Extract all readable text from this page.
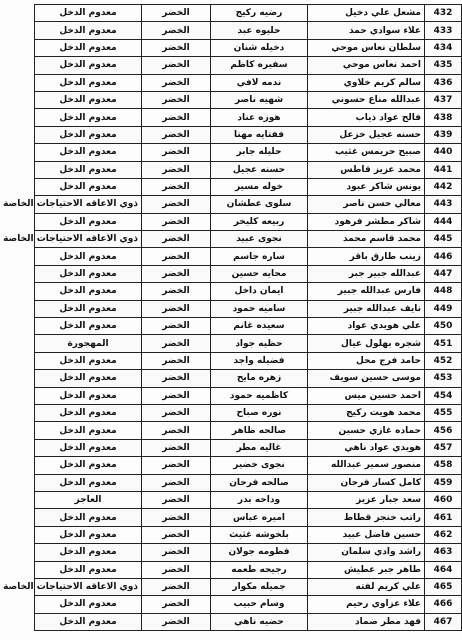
معدوم الدخل	الخضر	رضيه ركيج	مشعل علي دخيل	432
معدوم الدخل	الخضر	حليوه عبد	علاء سوادي حمد	433
معدوم الدخل	الخضر	دخيله شنان	سلطان نعاس موحي	434
معدوم الدخل	الخضر	سفيره كاظم	احمد نعاس موحي	435
معدوم الدخل	الخضر	ندمه لافي	سالم كريم خلاوي	436
معدوم الدخل	الخضر	شهيه ناصر	عبدالله مناع حسوني	437
معدوم الدخل	الخضر	هوزه عناد	فالح عواد ذياب	438
معدوم الدخل	الخضر	ففتايه مهنا	حسنه عجيل خزعل	439
معدوم الدخل	الخضر	حليله جابر	صبيح حريمس غثيب	440
معدوم الدخل	الخضر	حسنه عجيل	محمد عزيز قاطس	441
معدوم الدخل	الخضر	خوله مسير	يونس شاكر عبود	442
ذوي الاعاقه الاحتياجات الخاصة	الخضر	سلوى عطشان	معالي حسن ناصر	443
معدوم الدخل	الخضر	ربيعه كليخر	شاكر مطشر فرهود	444
ذوي الاعاقه الاحتياجات الخاصة	الخضر	نجوى عبيد	محمد قاسم محمد	445
معدوم الدخل	الخضر	ساره جاسم	زينب طارق باقر	446
معدوم الدخل	الخضر	محايه حسين	عبدالله جبير جبر	447
معدوم الدخل	الخضر	ايمان داخل	فارس عبدالله جبير	448
معدوم الدخل	الخضر	ساميه حمود	نايف عبدالله جبير	449
معدوم الدخل	الخضر	سعيده غانم	علي هويدي عواد	450
المهجورة	الخضر	حظيه جواد	شجره بهلول عيال	451
معدوم الدخل	الخضر	فضيله واجد	حامد فرج محل	452
معدوم الدخل	الخضر	زهره مايح	موسى حسين سويف	453
معدوم الدخل	الخضر	كاظميه حمود	احمد حسين ميس	454
معدوم الدخل	الخضر	نوره صباح	محمد هويت ركيج	455
معدوم الدخل	الخضر	صالحه ظاهر	حماده غازي حسين	456
معدوم الدخل	الخضر	غاليه مطر	هويدي عواد ناهي	457
معدوم الدخل	الخضر	نجوى خضير	منصور سمير عبدالله	458
معدوم الدخل	الخضر	صالحه فرحان	كامل كسار فرحان	459
العاجز	الخضر	وداحه بدر	سعد جبار عزيز	460
معدوم الدخل	الخضر	اميره عباس	راتب خنجر قطاط	461
معدوم الدخل	الخضر	بلخوشه غثيث	حسين فاضل عبيد	462
معدوم الدخل	الخضر	فطومه جولان	راشد وادي سلمان	463
معدوم الدخل	الخضر	رجيحه طعمه	طاهر جبر عطيش	464
ذوي الاعاقه الاحتياجات الخاصة	الخضر	جميله مكوار	علي كريم لفته	465
معدوم الدخل	الخضر	وسام حبيب	علاء عزاوي رحيم	466
معدوم الدخل	الخضر	حضيه ناهي	فهد مطر ضماد	467
